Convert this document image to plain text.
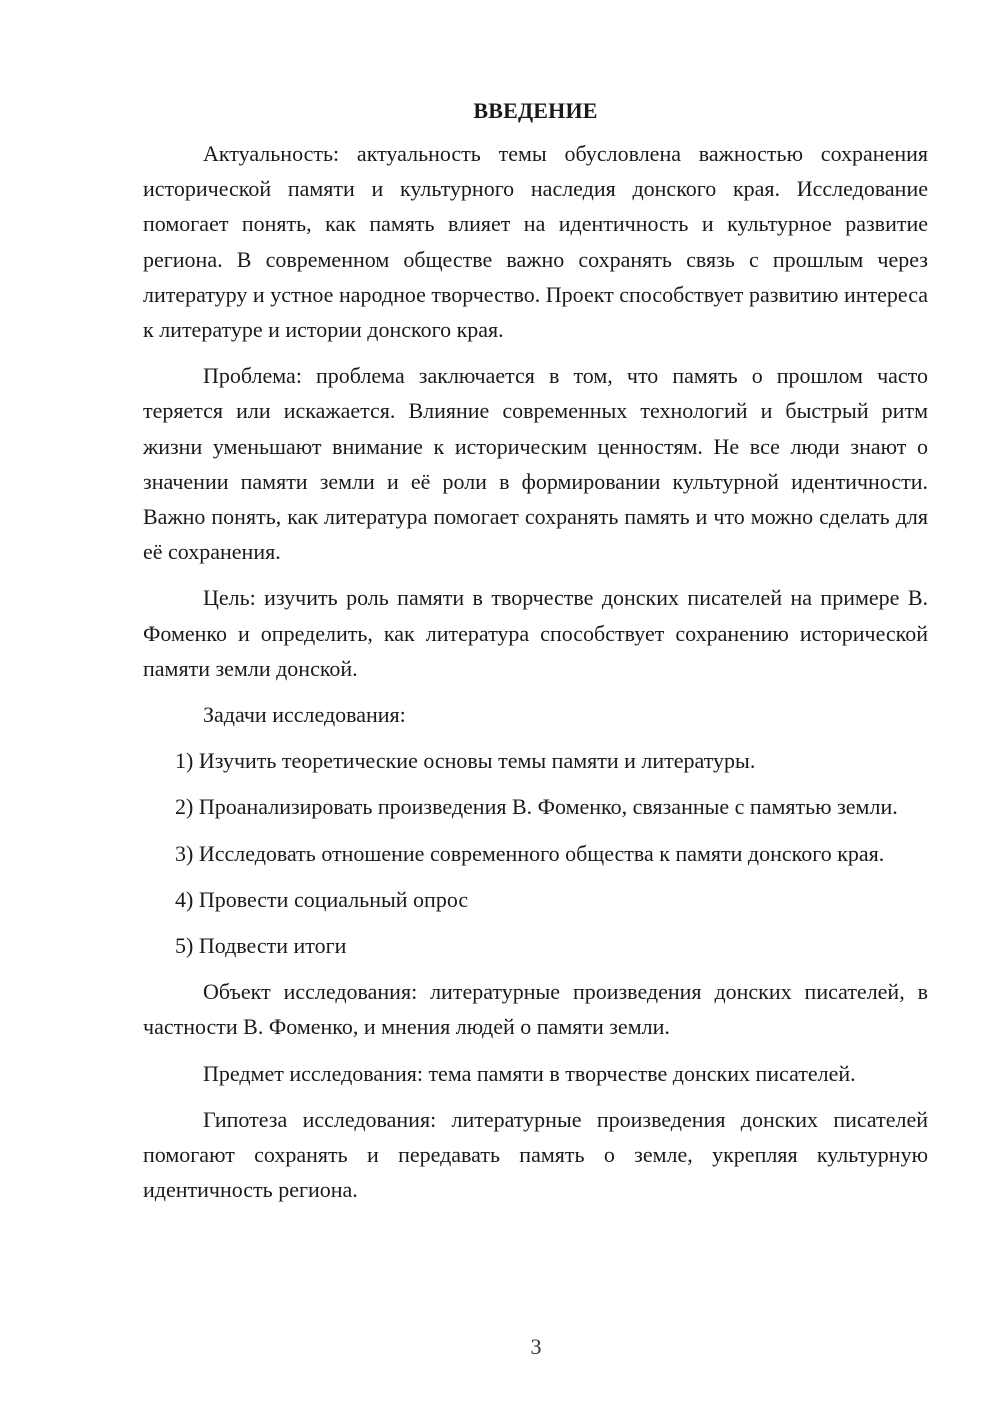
ВВЕДЕНИЕ

Актуальность: актуальность темы обусловлена важностью сохранения исторической памяти и культурного наследия донского края. Исследование помогает понять, как память влияет на идентичность и культурное развитие региона. В современном обществе важно сохранять связь с прошлым через литературу и устное народное творчество. Проект способствует развитию интереса к литературе и истории донского края.

Проблема: проблема заключается в том, что память о прошлом часто теряется или искажается. Влияние современных технологий и быстрый ритм жизни уменьшают внимание к историческим ценностям. Не все люди знают о значении памяти земли и её роли в формировании культурной идентичности. Важно понять, как литература помогает сохранять память и что можно сделать для её сохранения.

Цель: изучить роль памяти в творчестве донских писателей на примере В. Фоменко и определить, как литература способствует сохранению исторической памяти земли донской.

Задачи исследования:

1) Изучить теоретические основы темы памяти и литературы.

2) Проанализировать произведения В. Фоменко, связанные с памятью земли.

3) Исследовать отношение современного общества к памяти донского края.

4) Провести социальный опрос

5) Подвести итоги

Объект исследования: литературные произведения донских писателей, в частности В. Фоменко, и мнения людей о памяти земли.

Предмет исследования: тема памяти в творчестве донских писателей.

Гипотеза исследования: литературные произведения донских писателей помогают сохранять и передавать память о земле, укрепляя культурную идентичность региона.

3
